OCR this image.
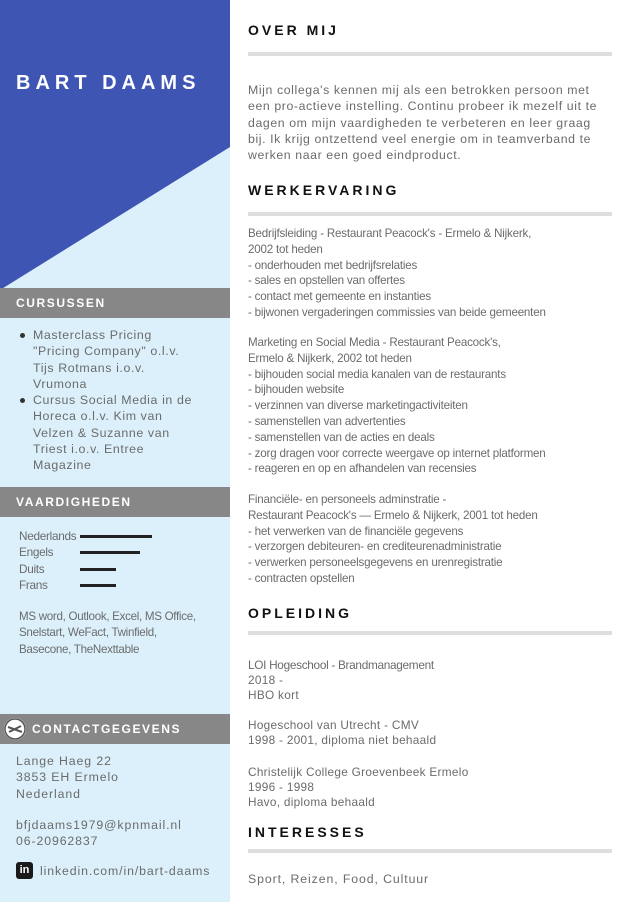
BART DAAMS
CURSUSSEN
Masterclass Pricing
"Pricing Company" o.l.v.
Tijs Rotmans i.o.v.
Vrumona
Cursus Social Media in de
Horeca o.l.v. Kim van
Velzen & Suzanne van
Triest i.o.v. Entree
Magazine
VAARDIGHEDEN
Nederlands
Engels
Duits
Frans
MS word, Outlook, Excel, MS Office,
Snelstart, WeFact, Twinfield,
Basecone, TheNexttable
CONTACTGEGEVENS
Lange Haeg 22
3853 EH Ermelo
Nederland
bfjdaams1979@kpnmail.nl
06-20962837
in linkedin.com/in/bart-daams
OVER MIJ
Mijn collega's kennen mij als een betrokken persoon met
een pro-actieve instelling. Continu probeer ik mezelf uit te
dagen om mijn vaardigheden te verbeteren en leer graag
bij. Ik krijg ontzettend veel energie om in teamverband te
werken naar een goed eindproduct.
WERKERVARING
Bedrijfsleiding - Restaurant Peacock's - Ermelo & Nijkerk,
2002 tot heden
- onderhouden met bedrijfsrelaties
- sales en opstellen van offertes
- contact met gemeente en instanties
- bijwonen vergaderingen commissies van beide gemeenten
Marketing en Social Media - Restaurant Peacock's,
Ermelo & Nijkerk, 2002 tot heden
- bijhouden social media kanalen van de restaurants
- bijhouden website
- verzinnen van diverse marketingactiviteiten
- samenstellen van advertenties
- samenstellen van de acties en deals
- zorg dragen voor correcte weergave op internet platformen
- reageren en op en afhandelen van recensies
Financiële- en personeels adminstratie -
Restaurant Peacock's — Ermelo & Nijkerk, 2001 tot heden
- het verwerken van de financiële gegevens
- verzorgen debiteuren- en crediteurenadministratie
- verwerken personeelsgegevens en urenregistratie
- contracten opstellen
OPLEIDING
LOI Hogeschool - Brandmanagement
2018 -
HBO kort
Hogeschool van Utrecht - CMV
1998 - 2001, diploma niet behaald
Christelijk College Groevenbeek Ermelo
1996 - 1998
Havo, diploma behaald
INTERESSES
Sport, Reizen, Food, Cultuur
